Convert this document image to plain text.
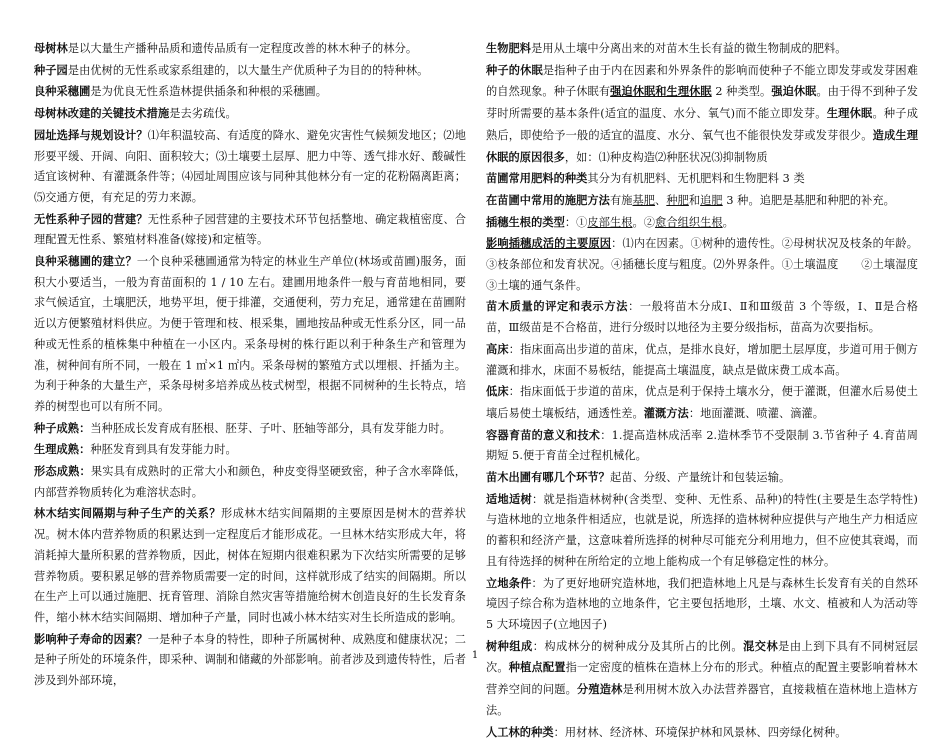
母树林是以大量生产播种品质和遗传品质有一定程度改善的林木种子的林分。

种子园是由优树的无性系或家系组建的，以大量生产优质种子为目的的特种林。

良种采穗圃是为优良无性系造林提供插条和种根的采穗圃。

母树林改建的关键技术措施是去劣疏伐。

园址选择与规划设计？⑴年积温较高、有适度的降水、避免灾害性气候频发地区；⑵地形要平缓、开阔、向阳、面积较大；⑶土壤要土层厚、肥力中等、透气排水好、酸碱性适宜该树种、有灌溉条件等；⑷园址周围应该与同种其他林分有一定的花粉隔离距离；⑸交通方便，有充足的劳力来源。

无性系种子园的营建？无性系种子园营建的主要技术环节包括整地、确定栽植密度、合理配置无性系、繁殖材料准备(嫁接)和定植等。

良种采穗圃的建立？一个良种采穗圃通常为特定的林业生产单位(林场或苗圃)服务，面积大小要适当，一般为育苗面积的 1 / 10 左右。建圃用地条件一般与育苗地相同，要求气候适宜，土壤肥沃，地势平坦，便于排灌，交通便利，劳力充足，通常建在苗圃附近以方便繁殖材料供应。为便于管理和枝、根采集，圃地按品种或无性系分区，同一品种或无性系的植株集中种植在一小区内。采条母树的株行距以利于种条生产和管理为准，树种间有所不同，一般在 1 ㎡×1 ㎡内。采条母树的繁殖方式以埋根、扦插为主。为利于种条的大量生产，采条母树多培养成丛枝式树型，根据不同树种的生长特点，培养的树型也可以有所不同。

种子成熟：当种胚成长发育成有胚根、胚芽、子叶、胚轴等部分，具有发芽能力时。

生理成熟：种胚发育到具有发芽能力时。

形态成熟：果实具有成熟时的正常大小和颜色，种皮变得坚硬致密，种子含水率降低，内部营养物质转化为难溶状态时。

林木结实间隔期与种子生产的关系？形成林木结实间隔期的主要原因是树木的营养状况。树木体内营养物质的积累达到一定程度后才能形成花。一旦林木结实形成大年，将消耗掉大量所积累的营养物质，因此，树体在短期内很难积累为下次结实所需要的足够营养物质。要积累足够的营养物质需要一定的时间，这样就形成了结实的间隔期。所以在生产上可以通过施肥、抚育管理、消除自然灾害等措施给树木创造良好的生长发育条件，缩小林木结实间隔期、增加种子产量，同时也减小林木结实对生长所造成的影响。

影响种子寿命的因素？一是种子本身的特性，即种子所属树种、成熟度和健康状况；二是种子所处的环境条件，即采种、调制和储藏的外部影响。前者涉及到遗传特性，后者涉及到外部环境，

生物肥料是用从土壤中分离出来的对苗木生长有益的微生物制成的肥料。

种子的休眠是指种子由于内在因素和外界条件的影响而使种子不能立即发芽或发芽困难的自然现象。种子休眠有强迫休眠和生理休眠 2 种类型。强迫休眠。由于得不到种子发芽时所需要的基本条件(适宜的温度、水分、氧气)而不能立即发芽。生理休眠。种子成熟后，即使给予一般的适宜的温度、水分、氧气也不能很快发芽或发芽很少。造成生理休眠的原因很多，如：⑴种皮构造⑵种胚状况⑶抑制物质

苗圃常用肥料的种类其分为有机肥料、无机肥料和生物肥料 3 类

在苗圃中常用的施肥方法有施基肥、种肥和追肥 3 种。追肥是基肥和种肥的补充。

插穗生根的类型：①皮部生根。②愈合组织生根。

影响插穗成活的主要原因：⑴内在因素。①树种的遗传性。②母树状况及枝条的年龄。③枝条部位和发育状况。④插穗长度与粗度。⑵外界条件。①土壤温度　　②土壤湿度③土壤的通气条件。

苗木质量的评定和表示方法：一般将苗木分成Ⅰ、Ⅱ和Ⅲ级苗 3 个等级，Ⅰ、Ⅱ是合格苗，Ⅲ级苗是不合格苗，进行分级时以地径为主要分级指标，苗高为次要指标。

高床：指床面高出步道的苗床，优点，是排水良好，增加肥土层厚度，步道可用于侧方灌溉和排水，床面不易板结，能提高土壤温度，缺点是做床费工成本高。

低床：指床面低于步道的苗床，优点是利于保持土壤水分，便于灌溉，但灌水后易使土壤后易使土壤板结，通透性差。灌溉方法：地面灌溉、喷灌、滴灌。

容器育苗的意义和技术：1.提高造林成活率 2.造林季节不受限制 3.节省种子 4.育苗周期短 5.便于育苗全过程机械化。

苗木出圃有哪几个环节？起苗、分级、产量统计和包装运输。

适地适树：就是指造林树种(含类型、变种、无性系、品种)的特性(主要是生态学特性)与造林地的立地条件相适应，也就是说，所选择的造林树种应提供与产地生产力相适应的蓄积和经济产量，这意味着所选择的树种尽可能充分利用地力，但不应使其衰竭，而且有待选择的树种在所给定的立地上能构成一个有足够稳定性的林分。

立地条件：为了更好地研究造林地，我们把造林地上凡是与森林生长发育有关的自然环境因子综合称为造林地的立地条件，它主要包括地形，土壤、水文、植被和人为活动等 5 大环境因子(立地因子)

树种组成：构成林分的树种成分及其所占的比例。混交林是由上到下具有不同树冠层次。种植点配置指一定密度的植株在造林上分布的形式。种植点的配置主要影响着林木营养空间的问题。分殖造林是利用树木放入办法营养器官，直接栽植在造林地上造林方法。

人工林的种类：用材林、经济林、环境保护林和风景林、四旁绿化树种。

1
